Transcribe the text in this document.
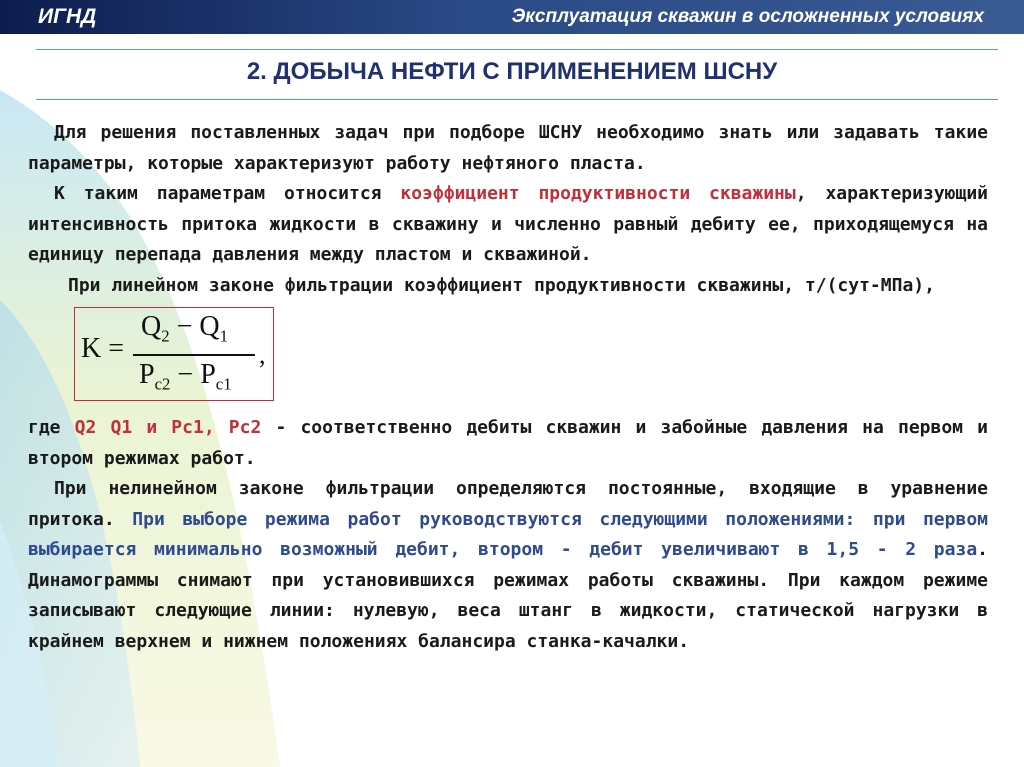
ИГНД	Эксплуатация скважин в осложненных условиях
2. ДОБЫЧА НЕФТИ С ПРИМЕНЕНИЕМ ШСНУ

Для решения поставленных задач при подборе ШСНУ необходимо знать или задавать такие параметры, которые характеризуют работу нефтяного пласта.

К таким параметрам относится коэффициент продуктивности скважины, характеризующий интенсивность притока жидкости в скважину и численно равный дебиту ее, приходящемуся на единицу перепада давления между пластом и скважиной.

При линейном законе фильтрации коэффициент продуктивности скважины, т/(сут-МПа),

K =
$Q_2 - Q_1$
$P_{c2} - P_{c1}$
,

где Q2 Q1 и Pc1, Pc2 - соответственно дебиты скважин и забойные давления на первом и втором режимах работ.

При нелинейном законе фильтрации определяются постоянные, входящие в уравнение притока. При выборе режима работ руководствуются следующими положениями: при первом выбирается минимально возможный дебит, втором - дебит увеличивают в 1,5 - 2 раза. Динамограммы снимают при установившихся режимах работы скважины. При каждом режиме записывают следующие линии: нулевую, веса штанг в жидкости, статической нагрузки в крайнем верхнем и нижнем положениях балансира станка-качалки.
